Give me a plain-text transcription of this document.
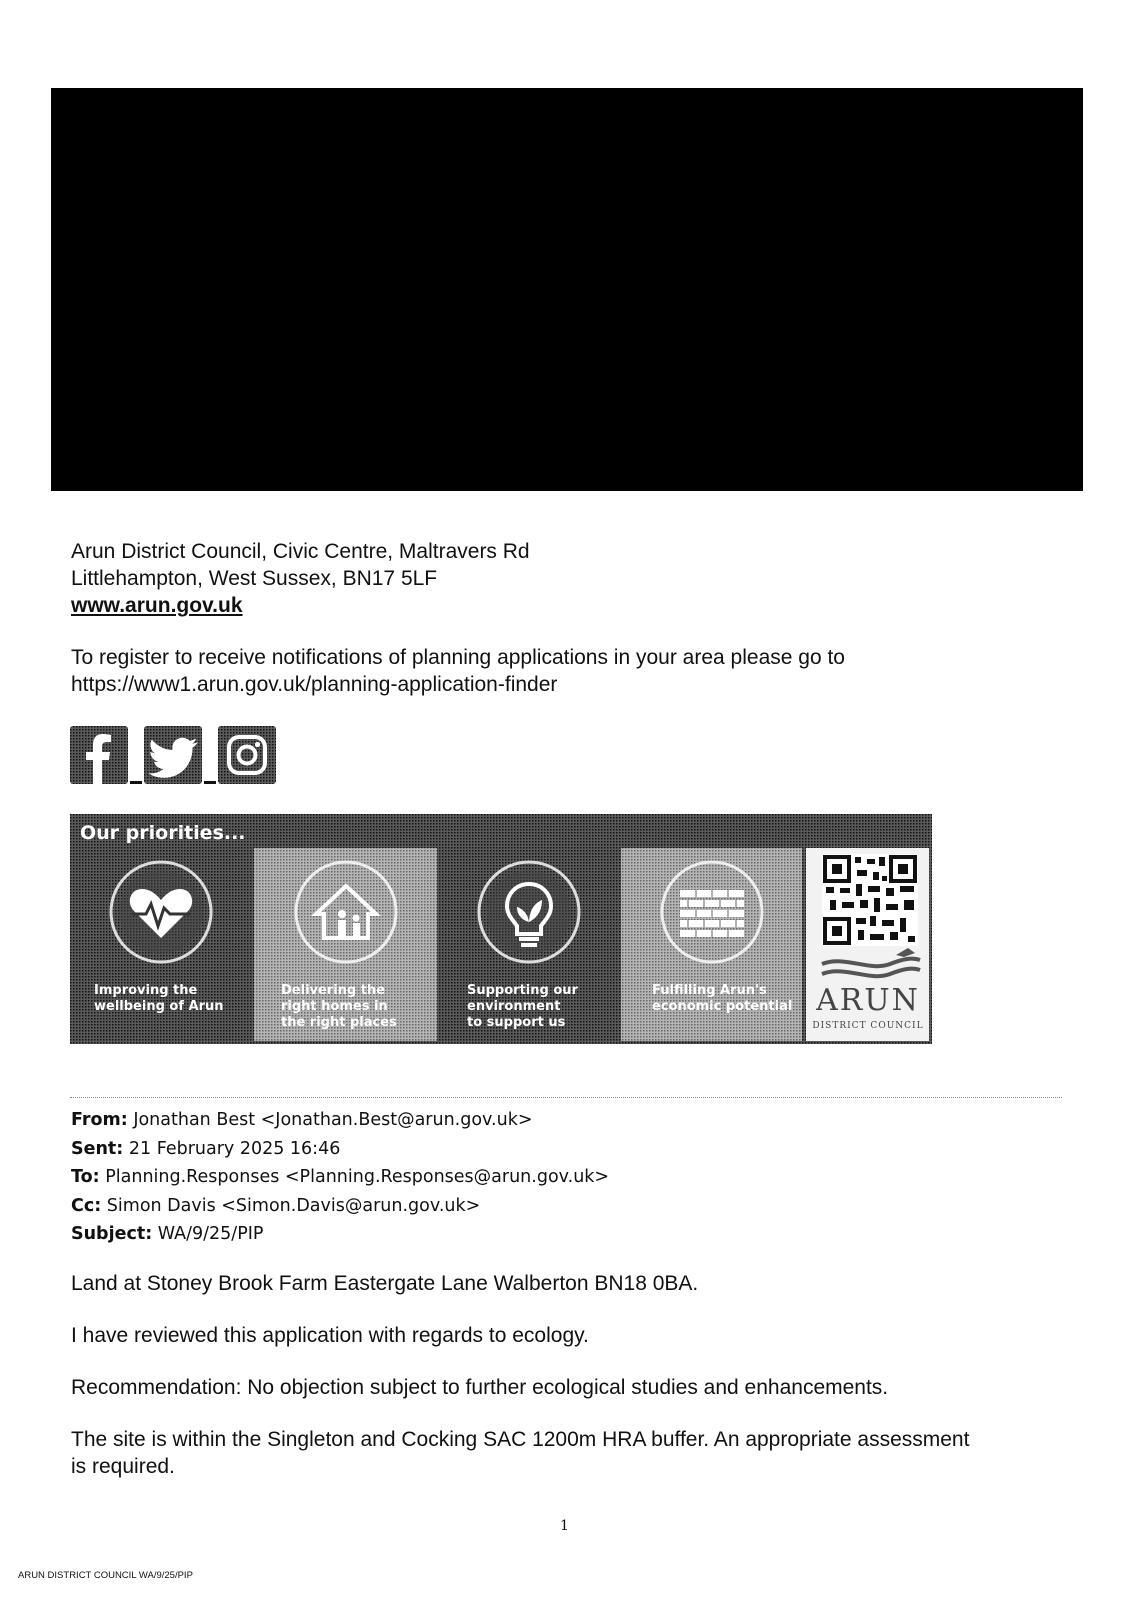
Arun District Council, Civic Centre, Maltravers Rd
Littlehampton, West Sussex, BN17 5LF
www.arun.gov.uk
To register to receive notifications of planning applications in your area please go to
https://www1.arun.gov.uk/planning-application-finder
Our priorities...
Improving the
wellbeing of Arun
Delivering the
right homes in
the right places
Supporting our
environment
to support us
Fulfilling Arun's
economic potential ARUN
DISTRICT COUNCIL
From: Jonathan Best <Jonathan.Best@arun.gov.uk>
Sent: 21 February 2025 16:46
To: Planning.Responses <Planning.Responses@arun.gov.uk>
Cc: Simon Davis <Simon.Davis@arun.gov.uk>
Subject: WA/9/25/PIP

Land at Stoney Brook Farm Eastergate Lane Walberton BN18 0BA.

I have reviewed this application with regards to ecology.

Recommendation: No objection subject to further ecological studies and enhancements.

The site is within the Singleton and Cocking SAC 1200m HRA buffer. An appropriate assessment

is required.

1
ARUN DISTRICT COUNCIL WA/9/25/PIP
